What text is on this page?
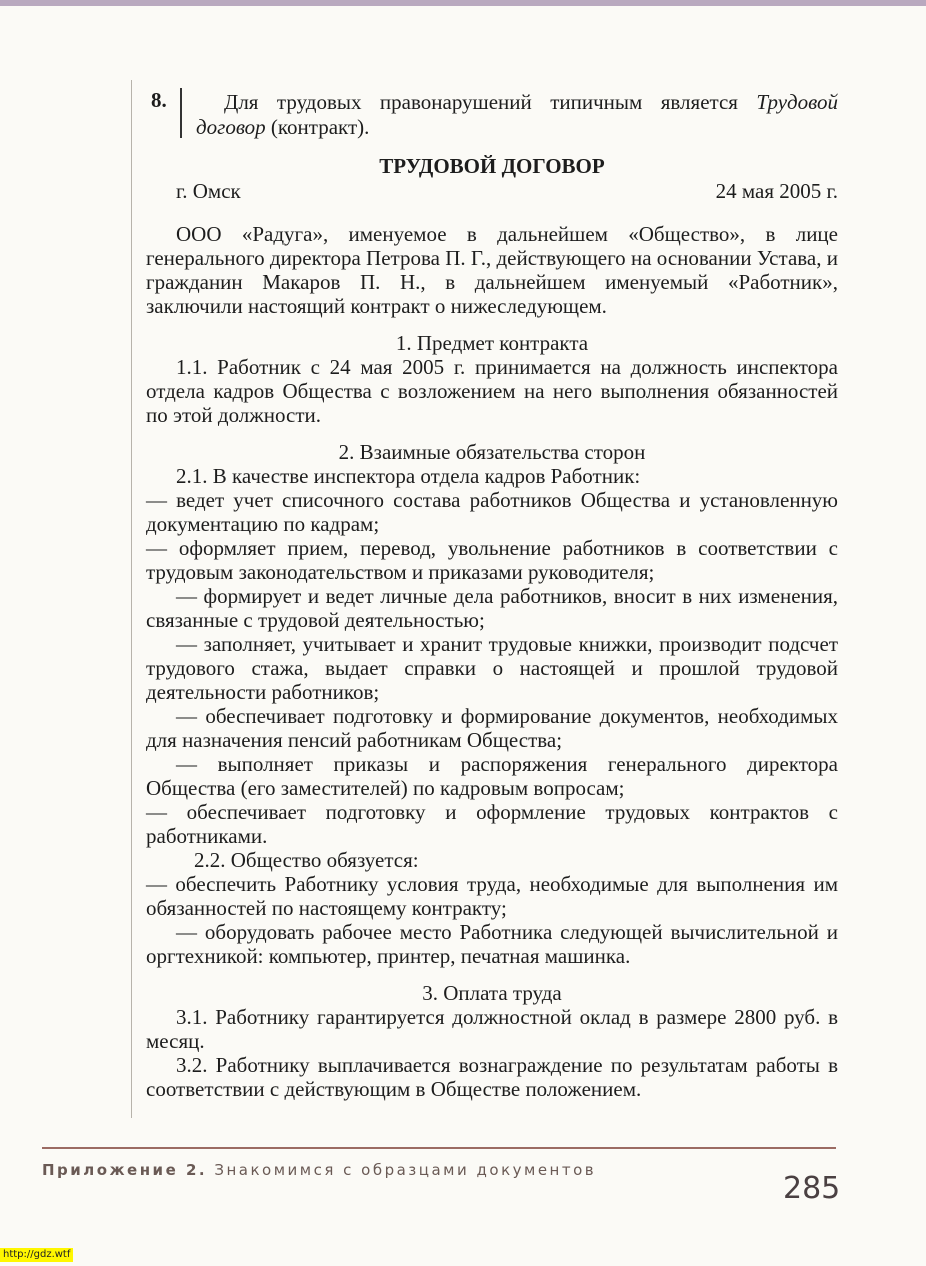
8.	Для трудовых правонарушений типичным является Трудовой договор (контракт).
ТРУДОВОЙ ДОГОВОР
г. Омск	24 мая 2005 г.

ООО «Радуга», именуемое в дальнейшем «Общество», в лице генерального директора Петрова П. Г., действующего на основании Устава, и гражданин Макаров П. Н., в дальнейшем именуемый «Работник», заключили настоящий контракт о нижеследующем.

1. Предмет контракта

1.1. Работник с 24 мая 2005 г. принимается на должность инспектора отдела кадров Общества с возложением на него выполнения обязанностей по этой должности.

2. Взаимные обязательства сторон

2.1. В качестве инспектора отдела кадров Работник:

— ведет учет списочного состава работников Общества и установленную документацию по кадрам;

— оформляет прием, перевод, увольнение работников в соответствии с трудовым законодательством и приказами руководителя;

— формирует и ведет личные дела работников, вносит в них изменения, связанные с трудовой деятельностью;

— заполняет, учитывает и хранит трудовые книжки, производит подсчет трудового стажа, выдает справки о настоящей и прошлой трудовой деятельности работников;

— обеспечивает подготовку и формирование документов, необходимых для назначения пенсий работникам Общества;

— выполняет приказы и распоряжения генерального директора Общества (его заместителей) по кадровым вопросам;

— обеспечивает подготовку и оформление трудовых контрактов с работниками.

2.2. Общество обязуется:

— обеспечить Работнику условия труда, необходимые для выполнения им обязанностей по настоящему контракту;

— оборудовать рабочее место Работника следующей вычислительной и оргтехникой: компьютер, принтер, печатная машинка.

3. Оплата труда

3.1. Работнику гарантируется должностной оклад в размере 2800 руб. в месяц.

3.2. Работнику выплачивается вознаграждение по результатам работы в соответствии с действующим в Обществе положением.

Приложение 2. Знакомимся с образцами документов
285
http://gdz.wtf
